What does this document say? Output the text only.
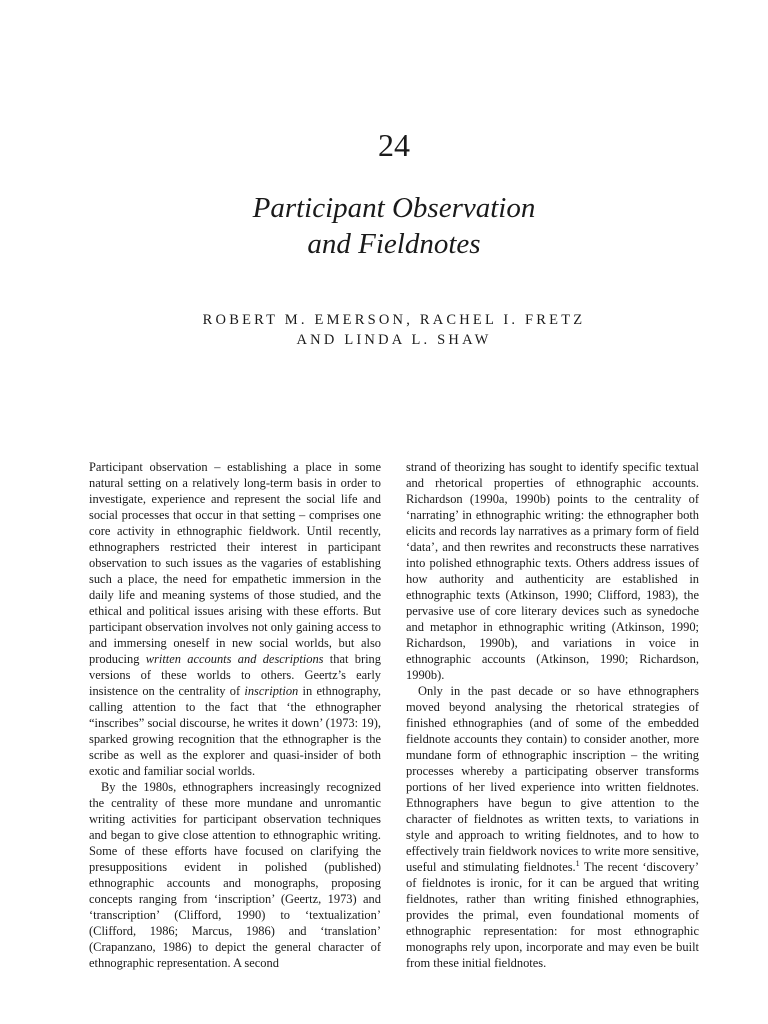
24
Participant Observation
and Fieldnotes
ROBERT M. EMERSON, RACHEL I. FRETZ
AND LINDA L. SHAW

Participant observation – establishing a place in some natural setting on a relatively long-term basis in order to investigate, experience and represent the social life and social processes that occur in that setting – comprises one core activity in ethnographic fieldwork. Until recently, ethnographers restricted their interest in participant observation to such issues as the vagaries of establishing such a place, the need for empathetic immersion in the daily life and meaning systems of those studied, and the ethical and political issues arising with these efforts. But participant observation involves not only gaining access to and immersing oneself in new social worlds, but also producing written accounts and descriptions that bring versions of these worlds to others. Geertz’s early insistence on the centrality of inscription in ethnography, calling attention to the fact that ‘the ethnographer “inscribes” social discourse, he writes it down’ (1973: 19), sparked growing recognition that the ethnographer is the scribe as well as the explorer and quasi-insider of both exotic and familiar social worlds.

By the 1980s, ethnographers increasingly recognized the centrality of these more mundane and unromantic writing activities for participant observation techniques and began to give close attention to ethnographic writing. Some of these efforts have focused on clarifying the presuppositions evident in polished (published) ethnographic accounts and monographs, proposing concepts ranging from ‘inscription’ (Geertz, 1973) and ‘transcription’ (Clifford, 1990) to ‘textualization’ (Clifford, 1986; Marcus, 1986) and ‘translation’ (Crapanzano, 1986) to depict the general character of ethnographic representation. A second

strand of theorizing has sought to identify specific textual and rhetorical properties of ethnographic accounts. Richardson (1990a, 1990b) points to the centrality of ‘narrating’ in ethnographic writing: the ethnographer both elicits and records lay narratives as a primary form of field ‘data’, and then rewrites and reconstructs these narratives into polished ethnographic texts. Others address issues of how authority and authenticity are established in ethnographic texts (Atkinson, 1990; Clifford, 1983), the pervasive use of core literary devices such as synedoche and metaphor in ethnographic writing (Atkinson, 1990; Richardson, 1990b), and variations in voice in ethnographic accounts (Atkinson, 1990; Richardson, 1990b).

Only in the past decade or so have ethnographers moved beyond analysing the rhetorical strategies of finished ethnographies (and of some of the embedded fieldnote accounts they contain) to consider another, more mundane form of ethnographic inscription – the writing processes whereby a participating observer transforms portions of her lived experience into written fieldnotes. Ethnographers have begun to give attention to the character of fieldnotes as written texts, to variations in style and approach to writing fieldnotes, and to how to effectively train fieldwork novices to write more sensitive, useful and stimulating fieldnotes.$^1$ The recent ‘discovery’ of fieldnotes is ironic, for it can be argued that writing fieldnotes, rather than writing finished ethnographies, provides the primal, even foundational moments of ethnographic representation: for most ethnographic monographs rely upon, incorporate and may even be built from these initial fieldnotes.
